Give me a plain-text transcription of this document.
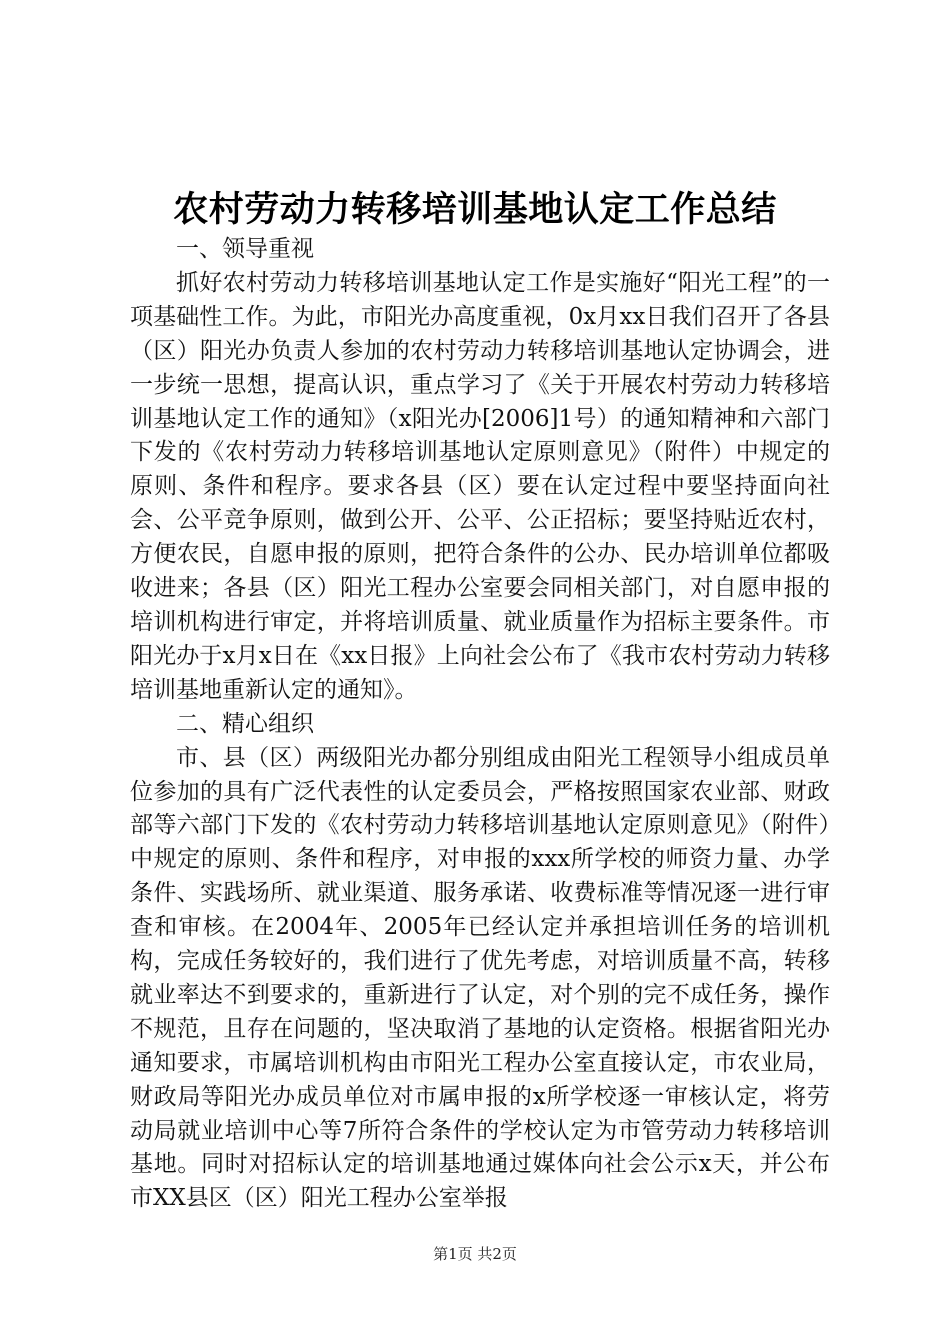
农村劳动力转移培训基地认定工作总结

一、领导重视

抓好农村劳动力转移培训基地认定工作是实施好“阳光工程”的一项基础性工作。为此，市阳光办高度重视，0x月xx日我们召开了各县（区）阳光办负责人参加的农村劳动力转移培训基地认定协调会，进一步统一思想，提高认识，重点学习了《关于开展农村劳动力转移培训基地认定工作的通知》（x阳光办[2006]1号）的通知精神和六部门下发的《农村劳动力转移培训基地认定原则意见》（附件）中规定的原则、条件和程序。要求各县（区）要在认定过程中要坚持面向社会、公平竞争原则，做到公开、公平、公正招标；要坚持贴近农村，方便农民，自愿申报的原则，把符合条件的公办、民办培训单位都吸收进来；各县（区）阳光工程办公室要会同相关部门，对自愿申报的培训机构进行审定，并将培训质量、就业质量作为招标主要条件。市阳光办于x月x日在《xx日报》上向社会公布了《我市农村劳动力转移培训基地重新认定的通知》。

二、精心组织

市、县（区）两级阳光办都分别组成由阳光工程领导小组成员单位参加的具有广泛代表性的认定委员会，严格按照国家农业部、财政部等六部门下发的《农村劳动力转移培训基地认定原则意见》（附件）中规定的原则、条件和程序，对申报的xxx所学校的师资力量、办学条件、实践场所、就业渠道、服务承诺、收费标准等情况逐一进行审查和审核。在2004年、2005年已经认定并承担培训任务的培训机构，完成任务较好的，我们进行了优先考虑，对培训质量不高，转移就业率达不到要求的，重新进行了认定，对个别的完不成任务，操作不规范，且存在问题的，坚决取消了基地的认定资格。根据省阳光办通知要求，市属培训机构由市阳光工程办公室直接认定，市农业局，财政局等阳光办成员单位对市属申报的x所学校逐一审核认定，将劳动局就业培训中心等7所符合条件的学校认定为市管劳动力转移培训基地。同时对招标认定的培训基地通过媒体向社会公示x天，并公布市XX县区（区）阳光工程办公室举报

第1页 共2页
